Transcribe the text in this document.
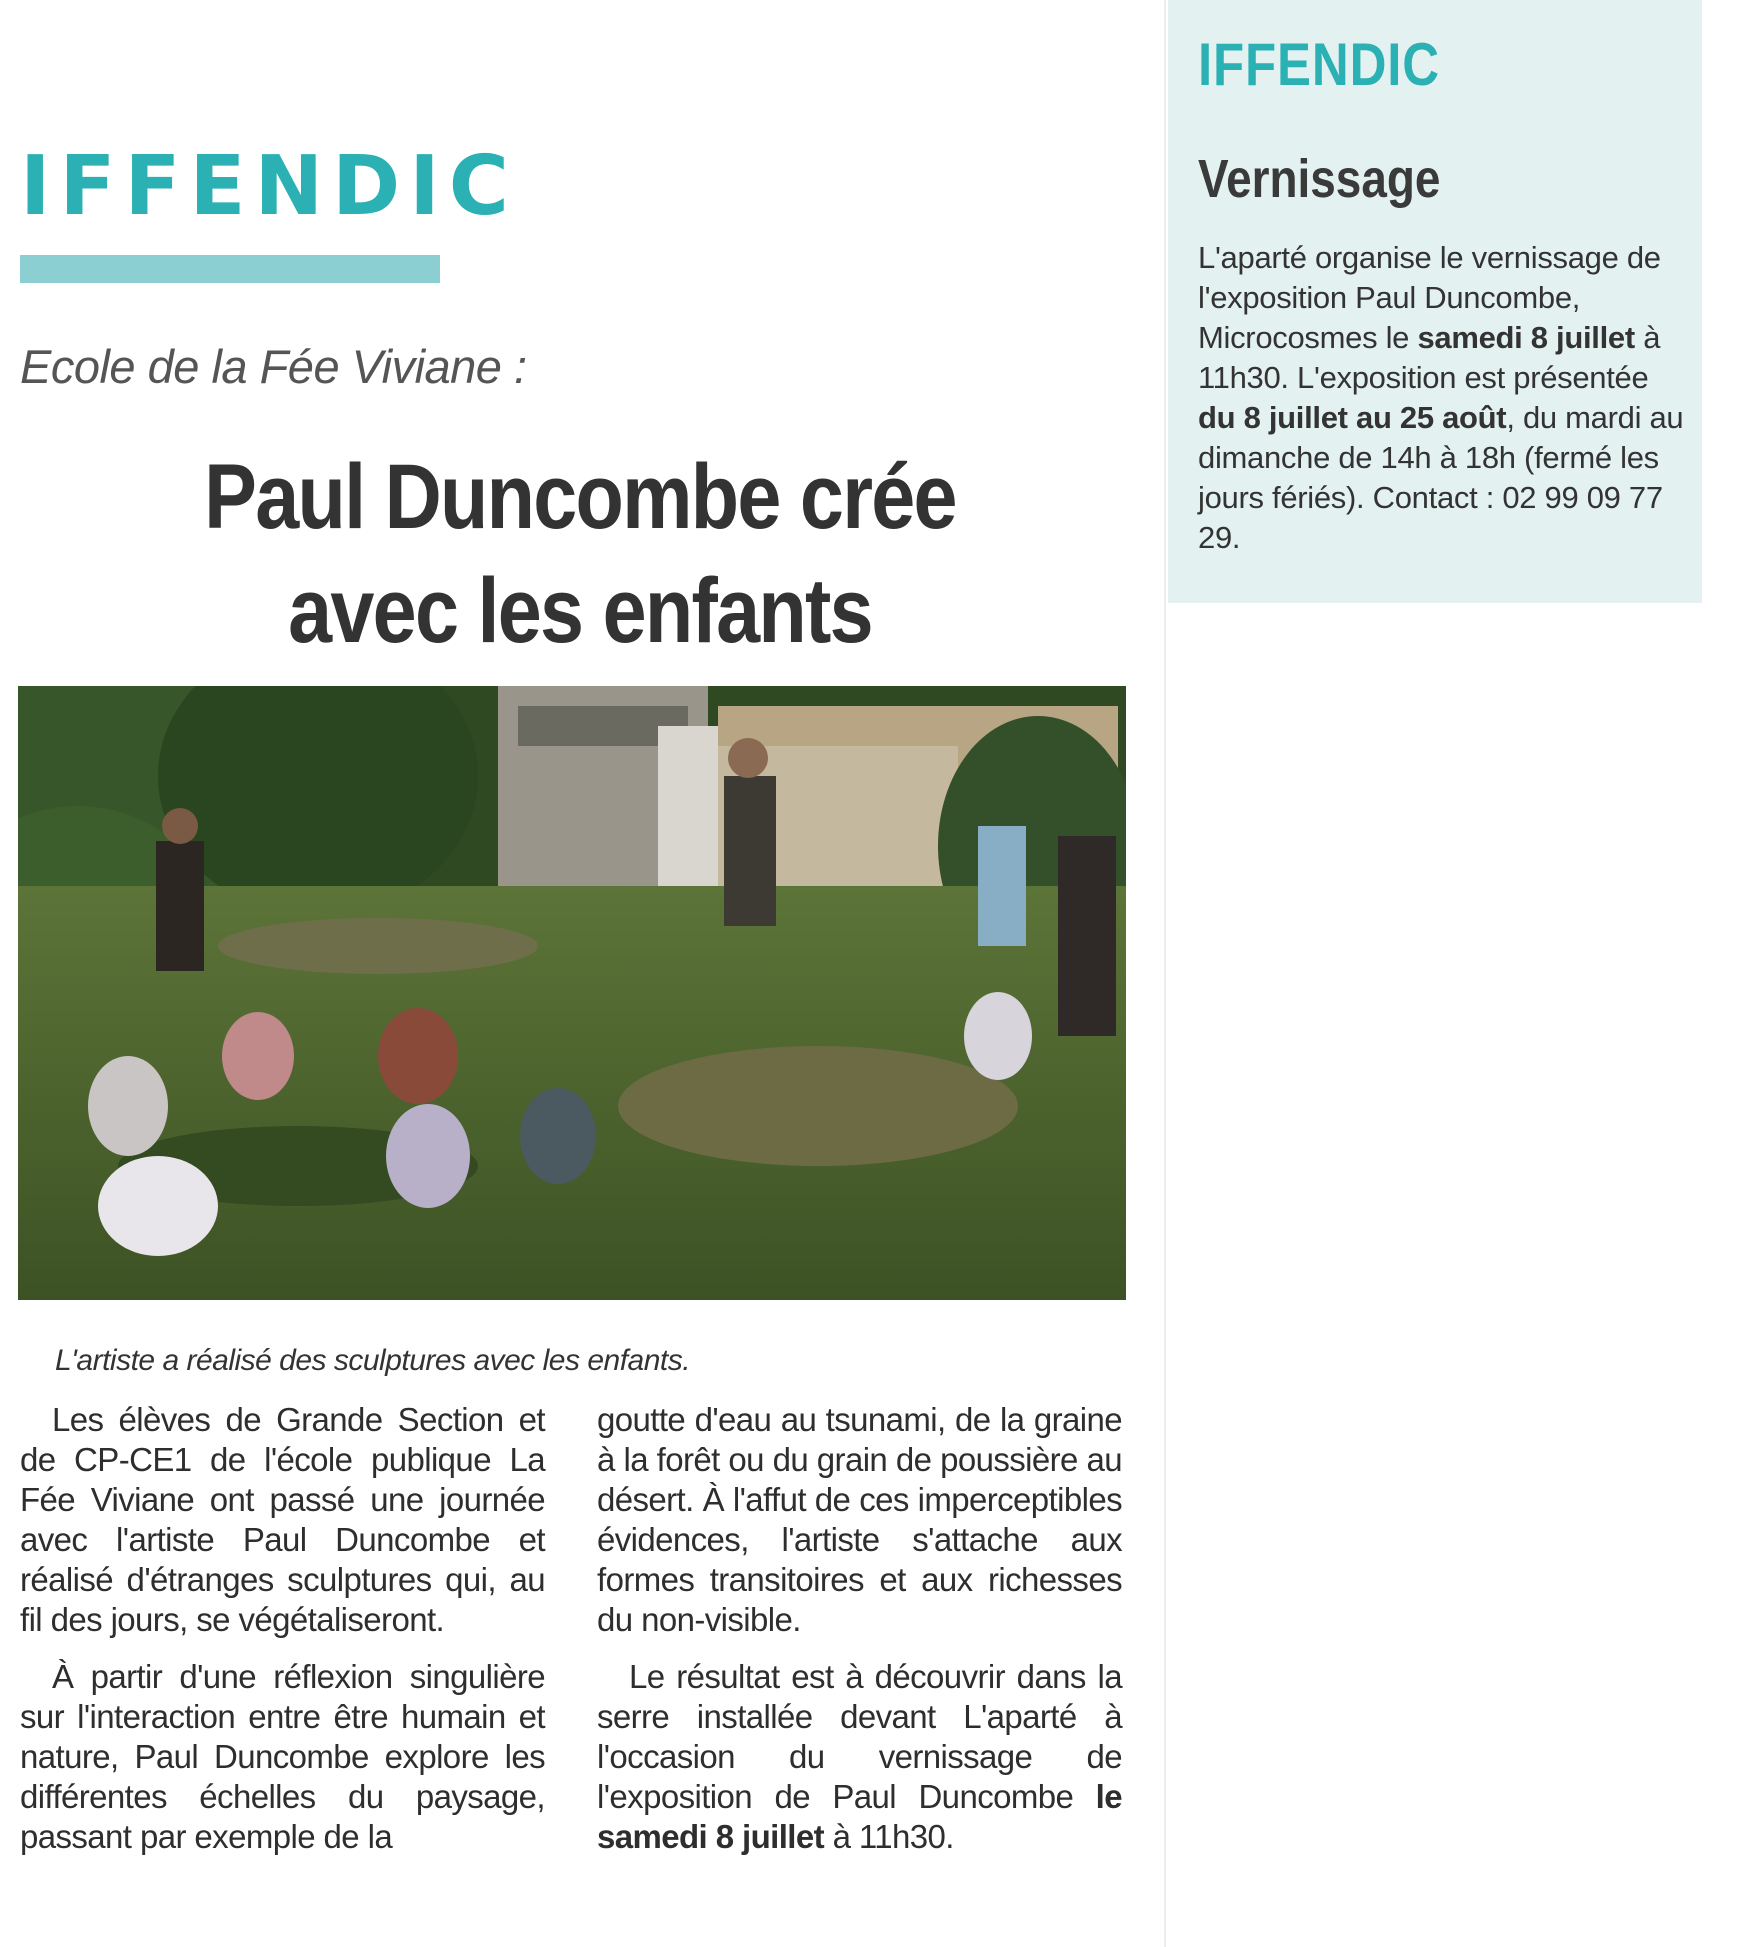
IFFENDIC

Ecole de la Fée Viviane :

Paul Duncombe crée
avec les enfants

L'artiste a réalisé des sculptures avec les enfants.

Les élèves de Grande Section et de CP-CE1 de l'école publique La Fée Viviane ont passé une journée avec l'artiste Paul Duncombe et réalisé d'étranges sculptures qui, au fil des jours, se végétaliseront.

À partir d'une réflexion singulière sur l'interaction entre être humain et nature, Paul Duncombe explore les différentes échelles du paysage, passant par exemple de la

goutte d'eau au tsunami, de la graine à la forêt ou du grain de poussière au désert. À l'affut de ces imperceptibles évidences, l'artiste s'attache aux formes transitoires et aux richesses du non-visible.

Le résultat est à découvrir dans la serre installée devant L'aparté à l'occasion du vernissage de l'exposition de Paul Duncombe le samedi 8 juillet à 11h30.

IFFENDIC
Vernissage

L'aparté organise le vernissage de l'exposition Paul Duncombe, Microcosmes le samedi 8 juillet à 11h30. L'exposition est présentée du 8 juillet au 25 août, du mardi au dimanche de 14h à 18h (fermé les jours fériés). Contact : 02 99 09 77 29.
